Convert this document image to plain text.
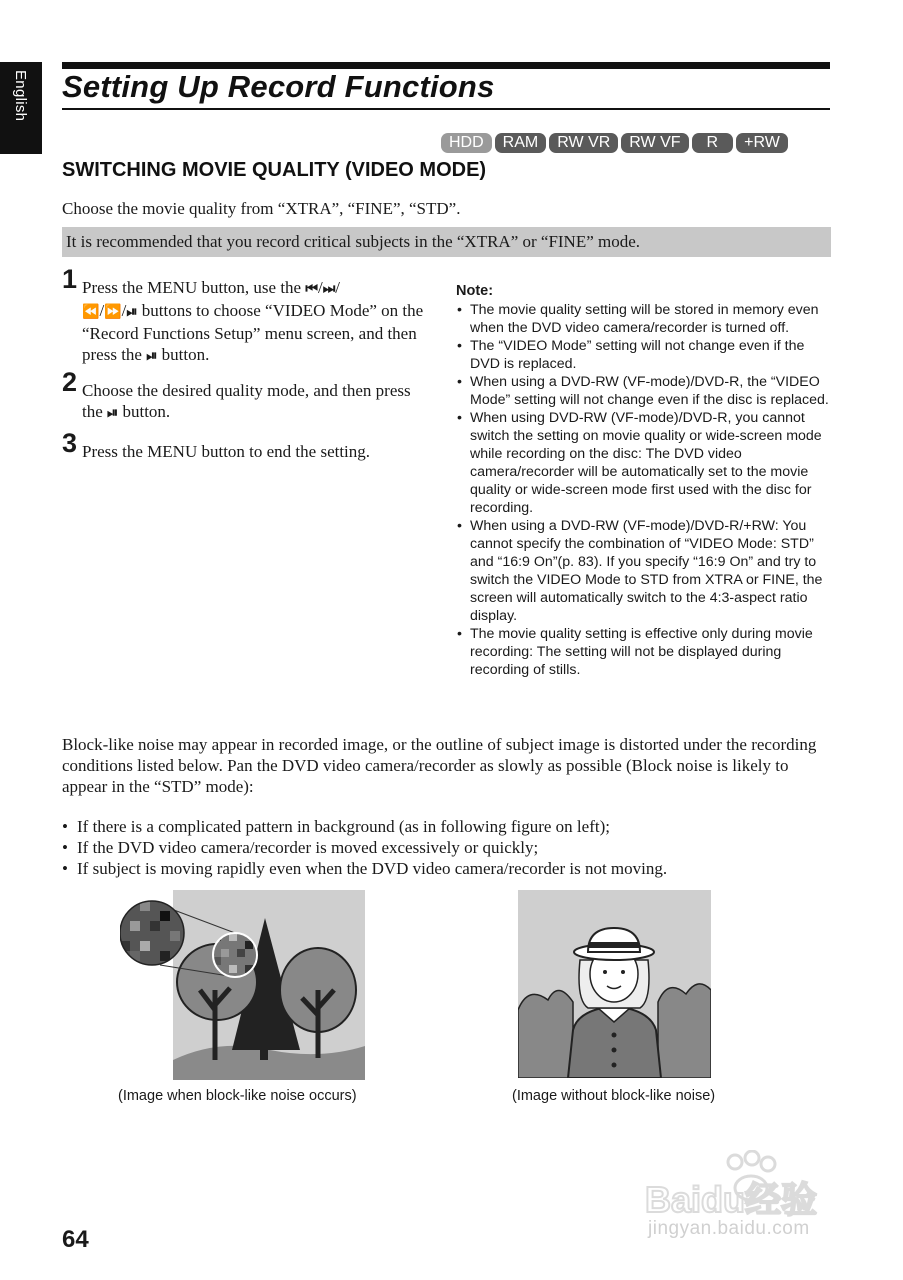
English Setting Up Record Functions
HDD	RAM	RW VR	RW VF	R	+RW
SWITCHING MOVIE QUALITY (VIDEO MODE)
Choose the movie quality from “XTRA”, “FINE”, “STD”.
It is recommended that you record critical subjects in the “XTRA” or “FINE” mode.
1 Press the MENU button, use the ⏮/⏭/
⏪/⏩/⏯ buttons to choose “VIDEO Mode” on the “Record Functions Setup” menu screen, and then press the ⏯ button.
2 Choose the desired quality mode, and then press the ⏯ button.
3 Press the MENU button to end the setting.
Note:
• The movie quality setting will be stored in memory even when the DVD video camera/recorder is turned off.
• The “VIDEO Mode” setting will not change even if the DVD is replaced.
• When using a DVD-RW (VF-mode)/DVD-R, the “VIDEO Mode” setting will not change even if the disc is replaced.
• When using DVD-RW (VF-mode)/DVD-R, you cannot switch the setting on movie quality or wide-screen mode while recording on the disc: The DVD video camera/recorder will be automatically set to the movie quality or wide-screen mode first used with the disc for recording.
• When using a DVD-RW (VF-mode)/DVD-R/+RW: You cannot specify the combination of “VIDEO Mode: STD” and “16:9 On”(p. 83). If you specify “16:9 On” and try to switch the VIDEO Mode to STD from XTRA or FINE, the screen will automatically switch to the 4:3-aspect ratio display.
• The movie quality setting is effective only during movie recording: The setting will not be displayed during recording of stills.
Block-like noise may appear in recorded image, or the outline of subject image is distorted under the recording conditions listed below. Pan the DVD video camera/recorder as slowly as possible (Block noise is likely to appear in the “STD” mode):
• If there is a complicated pattern in background (as in following figure on left);
• If the DVD video camera/recorder is moved excessively or quickly;
• If subject is moving rapidly even when the DVD video camera/recorder is not moving.
(Image when block-like noise occurs)	(Image without block-like noise)
64
Baidu经验
jingyan.baidu.com
